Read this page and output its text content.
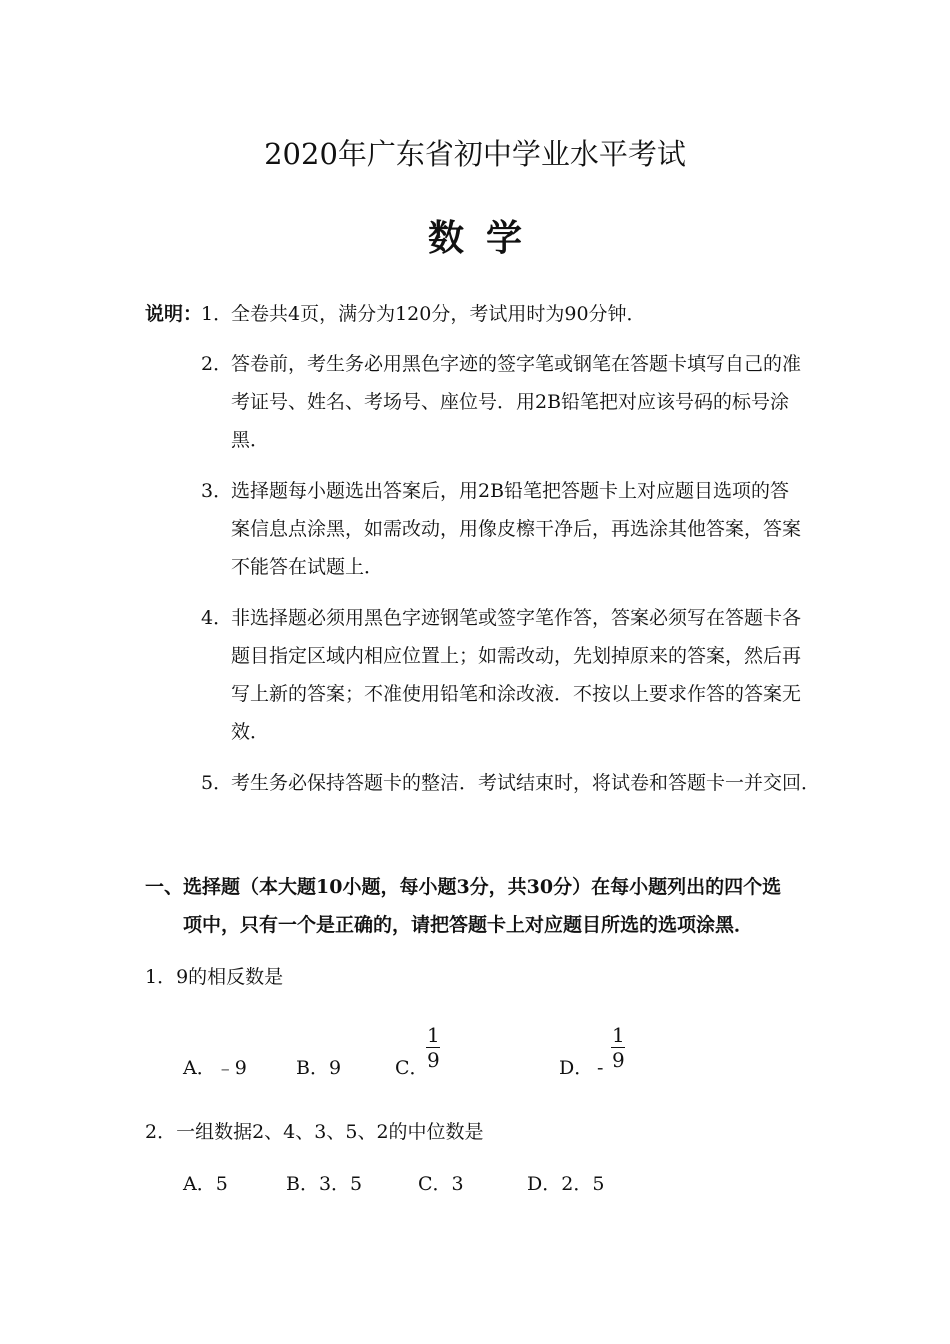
2020年广东省初中学业水平考试
数学
说明：
1．
全卷共4页，满分为120分，考试用时为90分钟．
2．
答卷前，考生务必用黑色字迹的签字笔或钢笔在答题卡填写自己的准
考证号、姓名、考场号、座位号．用2B铅笔把对应该号码的标号涂
黑．
3．
选择题每小题选出答案后，用2B铅笔把答题卡上对应题目选项的答
案信息点涂黑，如需改动，用像皮檫干净后，再选涂其他答案，答案
不能答在试题上．
4．
非选择题必须用黑色字迹钢笔或签字笔作答，答案必须写在答题卡各
题目指定区域内相应位置上；如需改动，先划掉原来的答案，然后再
写上新的答案；不准使用铅笔和涂改液．不按以上要求作答的答案无
效．
5．
考生务必保持答题卡的整洁．考试结束时，将试卷和答题卡一并交回．
一、选择题（本大题10小题，每小题3分，共30分）在每小题列出的四个选
项中，只有一个是正确的，请把答题卡上对应题目所选的选项涂黑．
1．9的相反数是
A．﹣9	B．9	C．
1
9	D． -
1
9
2．一组数据2、4、3、5、2的中位数是
A．5	B．3．5	C．3	D．2．5
